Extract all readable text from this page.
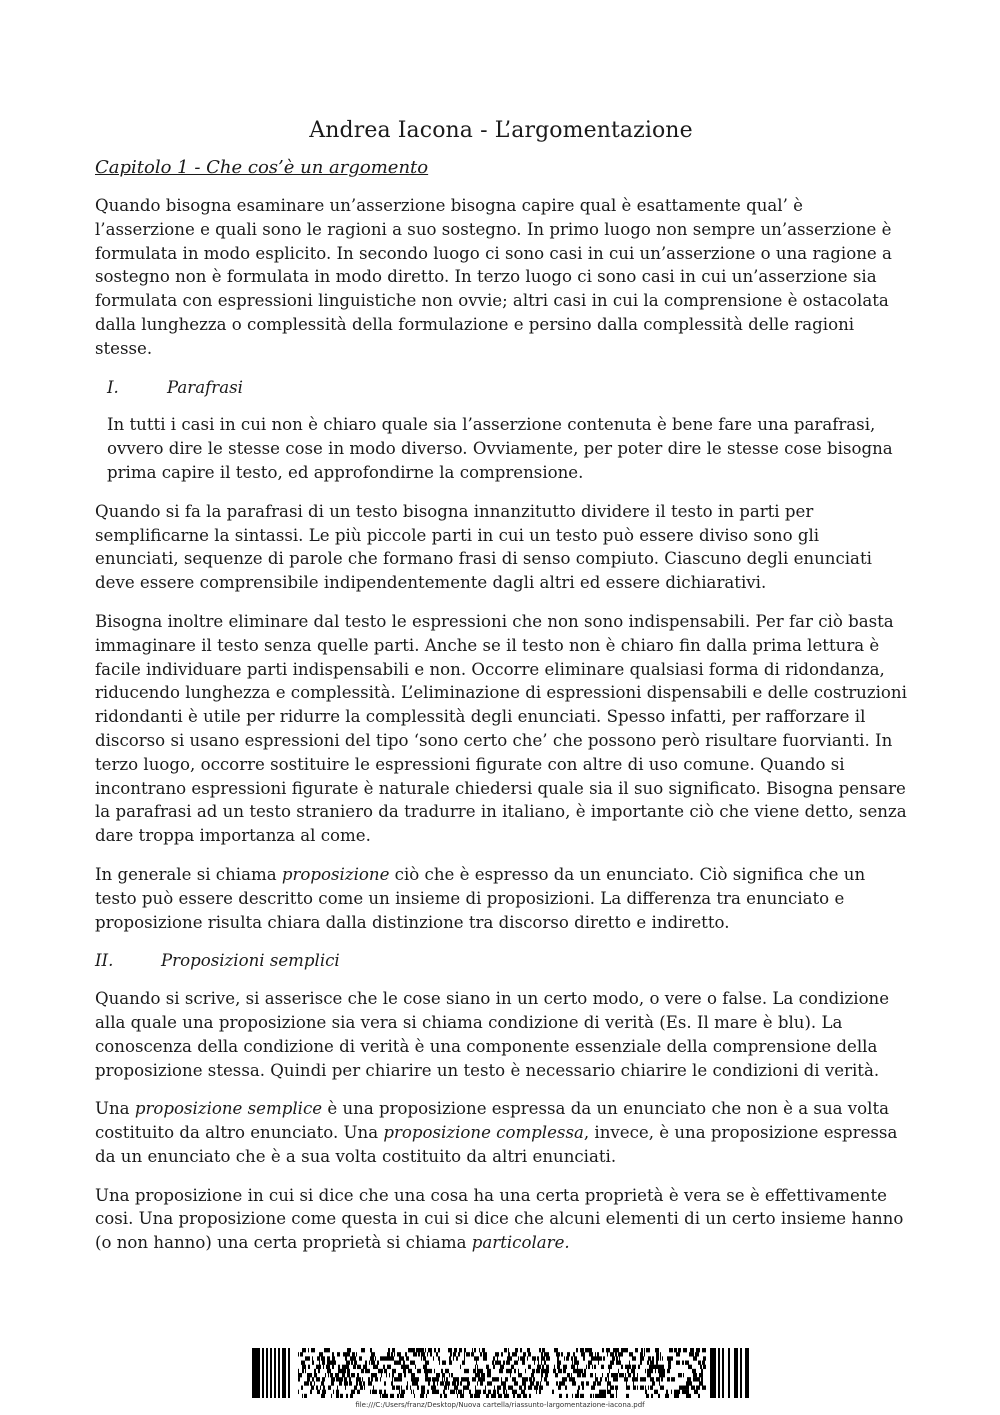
Andrea Iacona - L’argomentazione
Capitolo 1 - Che cos’è un argomento

Quando bisogna esaminare un’asserzione bisogna capire qual è esattamente qual’ è l’asserzione e quali sono le ragioni a suo sostegno. In primo luogo non sempre un’asserzione è formulata in modo esplicito. In secondo luogo ci sono casi in cui un’asserzione o una ragione a sostegno non è formulata in modo diretto. In terzo luogo ci sono casi in cui un’asserzione sia formulata con espressioni linguistiche non ovvie; altri casi in cui la comprensione è ostacolata dalla lunghezza o complessità della formulazione e persino dalla complessità delle ragioni stesse.

I.	Parafrasi

In tutti i casi in cui non è chiaro quale sia l’asserzione contenuta è bene fare una parafrasi, ovvero dire le stesse cose in modo diverso. Ovviamente, per poter dire le stesse cose bisogna prima capire il testo, ed approfondirne la comprensione.

Quando si fa la parafrasi di un testo bisogna innanzitutto dividere il testo in parti per semplificarne la sintassi. Le più piccole parti in cui un testo può essere diviso sono gli enunciati, sequenze di parole che formano frasi di senso compiuto. Ciascuno degli enunciati deve essere comprensibile indipendentemente dagli altri ed essere dichiarativi.

Bisogna inoltre eliminare dal testo le espressioni che non sono indispensabili. Per far ciò basta immaginare il testo senza quelle parti. Anche se il testo non è chiaro fin dalla prima lettura è facile individuare parti indispensabili e non. Occorre eliminare qualsiasi forma di ridondanza, riducendo lunghezza e complessità. L’eliminazione di espressioni dispensabili e delle costruzioni ridondanti è utile per ridurre la complessità degli enunciati. Spesso infatti, per rafforzare il discorso si usano espressioni del tipo ‘sono certo che’ che possono però risultare fuorvianti. In terzo luogo, occorre sostituire le espressioni figurate con altre di uso comune. Quando si incontrano espressioni figurate è naturale chiedersi quale sia il suo significato. Bisogna pensare la parafrasi ad un testo straniero da tradurre in italiano, è importante ciò che viene detto, senza dare troppa importanza al come.

In generale si chiama proposizione ciò che è espresso da un enunciato. Ciò significa che un testo può essere descritto come un insieme di proposizioni. La differenza tra enunciato e proposizione risulta chiara dalla distinzione tra discorso diretto e indiretto.

II.	Proposizioni semplici

Quando si scrive, si asserisce che le cose siano in un certo modo, o vere o false. La condizione alla quale una proposizione sia vera si chiama condizione di verità (Es. Il mare è blu). La conoscenza della condizione di verità è una componente essenziale della comprensione della proposizione stessa. Quindi per chiarire un testo è necessario chiarire le condizioni di verità.

Una proposizione semplice è una proposizione espressa da un enunciato che non è a sua volta costituito da altro enunciato. Una proposizione complessa, invece, è una proposizione espressa da un enunciato che è a sua volta costituito da altri enunciati.

Una proposizione in cui si dice che una cosa ha una certa proprietà è vera se è effettivamente cosi. Una proposizione come questa in cui si dice che alcuni elementi di un certo insieme hanno (o non hanno) una certa proprietà si chiama particolare.

file:///C:/Users/franz/Desktop/Nuova cartella/riassunto-largomentazione-iacona.pdf
